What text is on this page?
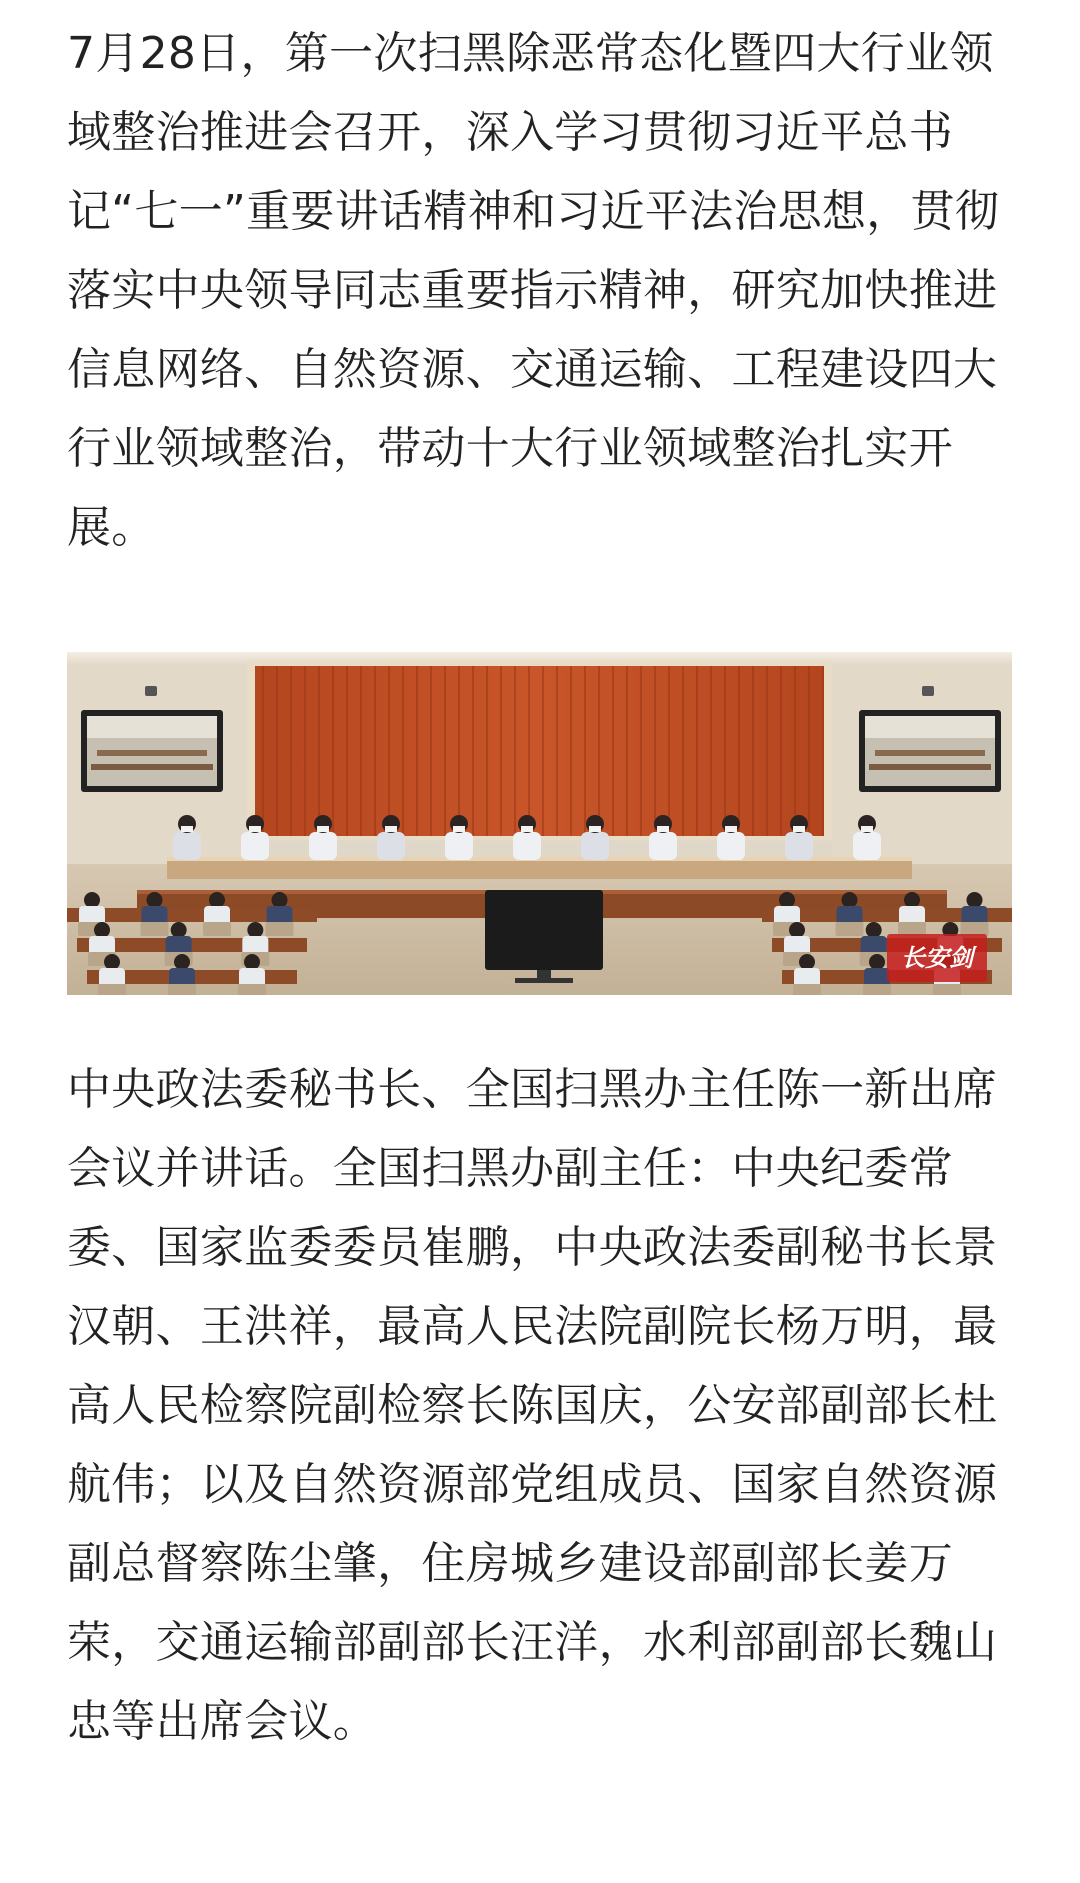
7月28日，第一次扫黑除恶常态化暨四大行业领域整治推进会召开，深入学习贯彻习近平总书记“七一”重要讲话精神和习近平法治思想，贯彻落实中央领导同志重要指示精神，研究加快推进信息网络、自然资源、交通运输、工程建设四大行业领域整治，带动十大行业领域整治扎实开展。

长安剑

中央政法委秘书长、全国扫黑办主任陈一新出席会议并讲话。全国扫黑办副主任：中央纪委常委、国家监委委员崔鹏，中央政法委副秘书长景汉朝、王洪祥，最高人民法院副院长杨万明，最高人民检察院副检察长陈国庆，公安部副部长杜航伟；以及自然资源部党组成员、国家自然资源副总督察陈尘肇，住房城乡建设部副部长姜万荣，交通运输部副部长汪洋，水利部副部长魏山忠等出席会议。
